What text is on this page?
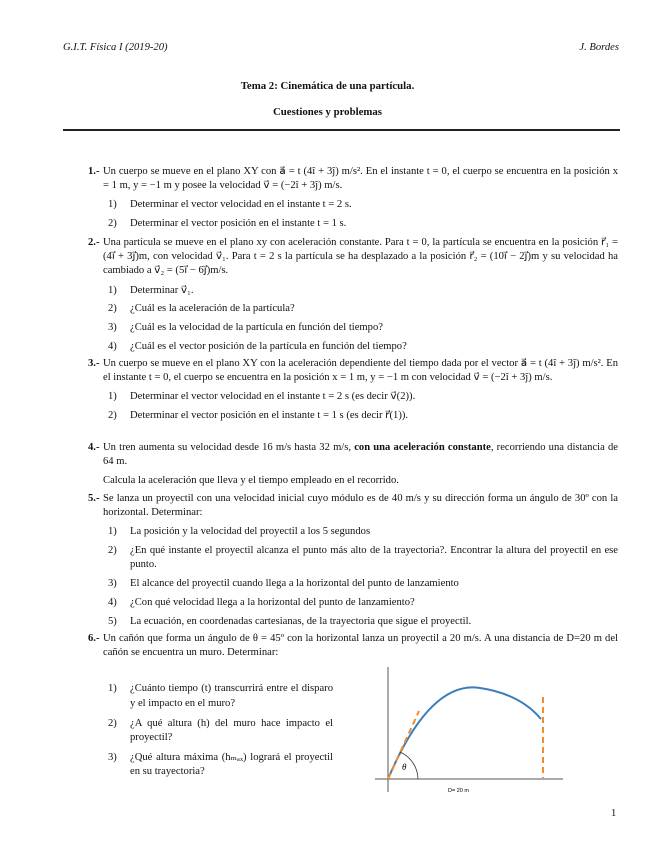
G.I.T. Física I (2019-20)	J. Bordes
Tema 2: Cinemática de una partícula.
Cuestiones y problemas
1.- Un cuerpo se mueve en el plano XY con a⃗ = t (4î + 3ĵ) m/s². En el instante t = 0, el cuerpo se encuentra en la posición x = 1 m, y = −1 m y posee la velocidad v⃗ = (−2î + 3ĵ) m/s.
1) Determinar el vector velocidad en el instante t = 2 s.
2) Determinar el vector posición en el instante t = 1 s.
2.- Una partícula se mueve en el plano xy con aceleración constante. Para t = 0, la partícula se encuentra en la posición r⃗₁ = (4i⃗ + 3j⃗)m, con velocidad v⃗₁. Para t = 2 s la partícula se ha desplazado a la posición r⃗₂ = (10i⃗ − 2j⃗)m y su velocidad ha cambiado a v⃗₂ = (5i⃗ − 6j⃗)m/s.
1) Determinar v⃗₁.
2) ¿Cuál es la aceleración de la partícula?
3) ¿Cuál es la velocidad de la partícula en función del tiempo?
4) ¿Cuál es el vector posición de la partícula en función del tiempo?
3.- Un cuerpo se mueve en el plano XY con la aceleración dependiente del tiempo dada por el vector a⃗ = t (4î + 3ĵ) m/s². En el instante t = 0, el cuerpo se encuentra en la posición x = 1 m, y = −1 m con velocidad v⃗ = (−2î + 3ĵ) m/s.
1) Determinar el vector velocidad en el instante t = 2 s (es decir v⃗(2)).
2) Determinar el vector posición en el instante t = 1 s (es decir r⃗(1)).
4.- Un tren aumenta su velocidad desde 16 m/s hasta 32 m/s, con una aceleración constante, recorriendo una distancia de 64 m.
Calcula la aceleración que lleva y el tiempo empleado en el recorrido.
5.- Se lanza un proyectil con una velocidad inicial cuyo módulo es de 40 m/s y su dirección forma un ángulo de 30º con la horizontal. Determinar:
1) La posición y la velocidad del proyectil a los 5 segundos
2) ¿En qué instante el proyectil alcanza el punto más alto de la trayectoria?. Encontrar la altura del proyectil en ese punto.
3) El alcance del proyectil cuando llega a la horizontal del punto de lanzamiento
4) ¿Con qué velocidad llega a la horizontal del punto de lanzamiento?
5) La ecuación, en coordenadas cartesianas, de la trayectoria que sigue el proyectil.
6.- Un cañón que forma un ángulo de θ = 45º con la horizontal lanza un proyectil a 20 m/s. A una distancia de D=20 m del cañón se encuentra un muro. Determinar:
1) ¿Cuánto tiempo (t) transcurrirá entre el disparo y el impacto en el muro?
2) ¿A qué altura (h) del muro hace impacto el proyectil?
3) ¿Qué altura máxima (hₘₐₓ) logrará el proyectil en su trayectoria?	θ
D= 20 m
1
